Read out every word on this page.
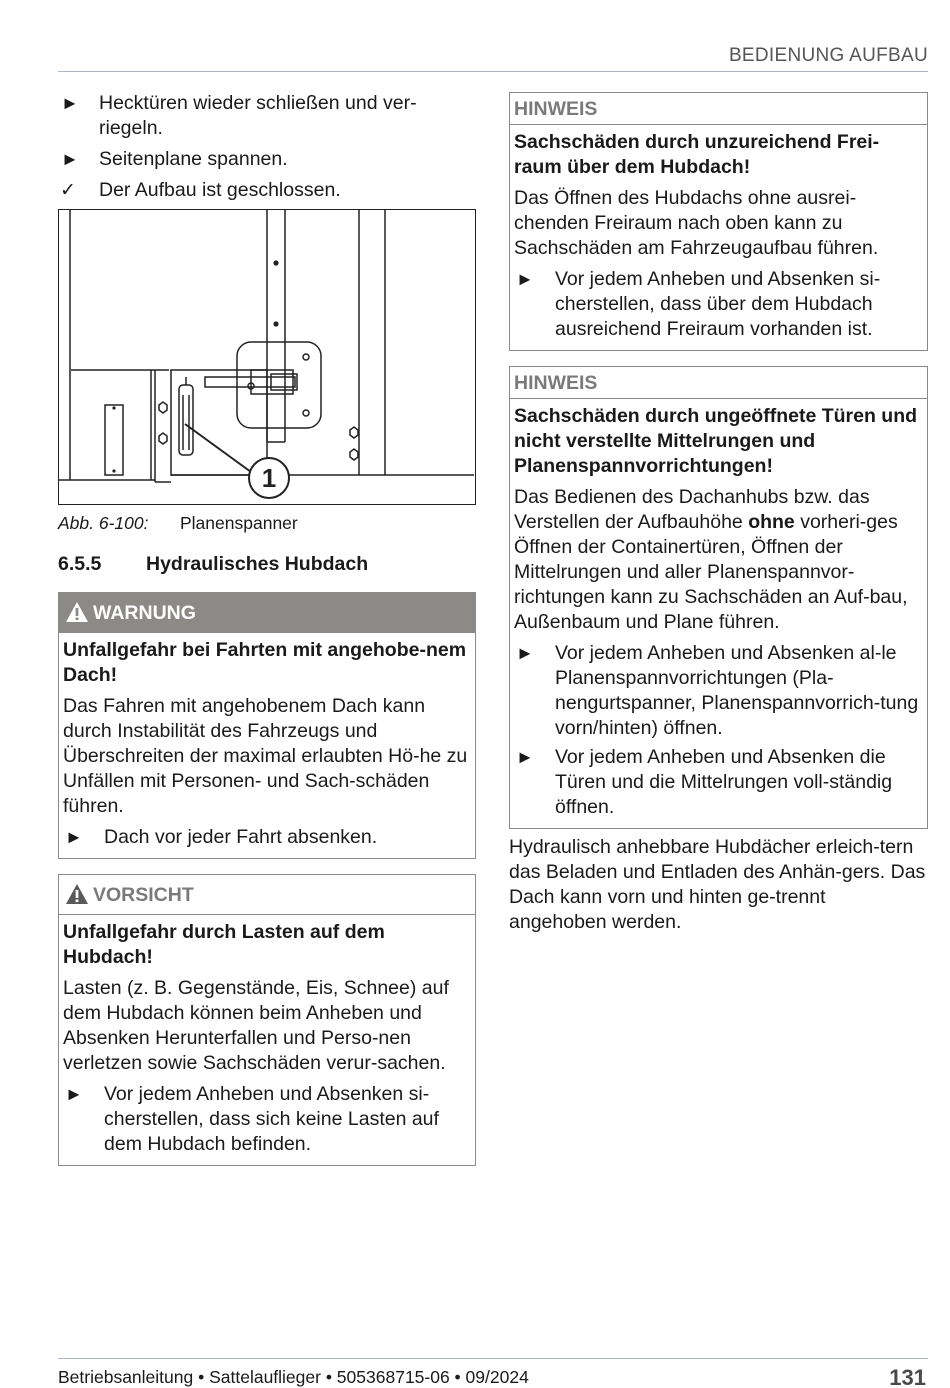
BEDIENUNG AUFBAU
► Hecktüren wieder schließen und ver-riegeln.
► Seitenplane spannen.
✓ Der Aufbau ist geschlossen.
1
Abb. 6-100: Planenspanner
6.5.5 Hydraulisches Hubdach
WARNUNG
Unfallgefahr bei Fahrten mit angehobe-nem Dach!

Das Fahren mit angehobenem Dach kann durch Instabilität des Fahrzeugs und Überschreiten der maximal erlaubten Hö-he zu Unfällen mit Personen- und Sach-schäden führen.

► Dach vor jeder Fahrt absenken.
VORSICHT
Unfallgefahr durch Lasten auf dem Hubdach!

Lasten (z. B. Gegenstände, Eis, Schnee) auf dem Hubdach können beim Anheben und Absenken Herunterfallen und Perso-nen verletzen sowie Sachschäden verur-sachen.

► Vor jedem Anheben und Absenken si-cherstellen, dass sich keine Lasten auf dem Hubdach befinden.
HINWEIS
Sachschäden durch unzureichend Frei-raum über dem Hubdach!

Das Öffnen des Hubdachs ohne ausrei-chenden Freiraum nach oben kann zu Sachschäden am Fahrzeugaufbau führen.

► Vor jedem Anheben und Absenken si-cherstellen, dass über dem Hubdach ausreichend Freiraum vorhanden ist.
HINWEIS
Sachschäden durch ungeöffnete Türen und nicht verstellte Mittelrungen und Planenspannvorrichtungen!

Das Bedienen des Dachanhubs bzw. das Verstellen der Aufbauhöhe ohne vorheri-ges Öffnen der Containertüren, Öffnen der Mittelrungen und aller Planenspannvor-richtungen kann zu Sachschäden an Auf-bau, Außenbaum und Plane führen.

► Vor jedem Anheben und Absenken al-le Planenspannvorrichtungen (Pla-nengurtspanner, Planenspannvorrich-tung vorn/hinten) öffnen.
► Vor jedem Anheben und Absenken die Türen und die Mittelrungen voll-ständig öffnen.

Hydraulisch anhebbare Hubdächer erleich-tern das Beladen und Entladen des Anhän-gers. Das Dach kann vorn und hinten ge-trennt angehoben werden.

Betriebsanleitung • Sattelauflieger • 505368715-06 • 09/2024	131
